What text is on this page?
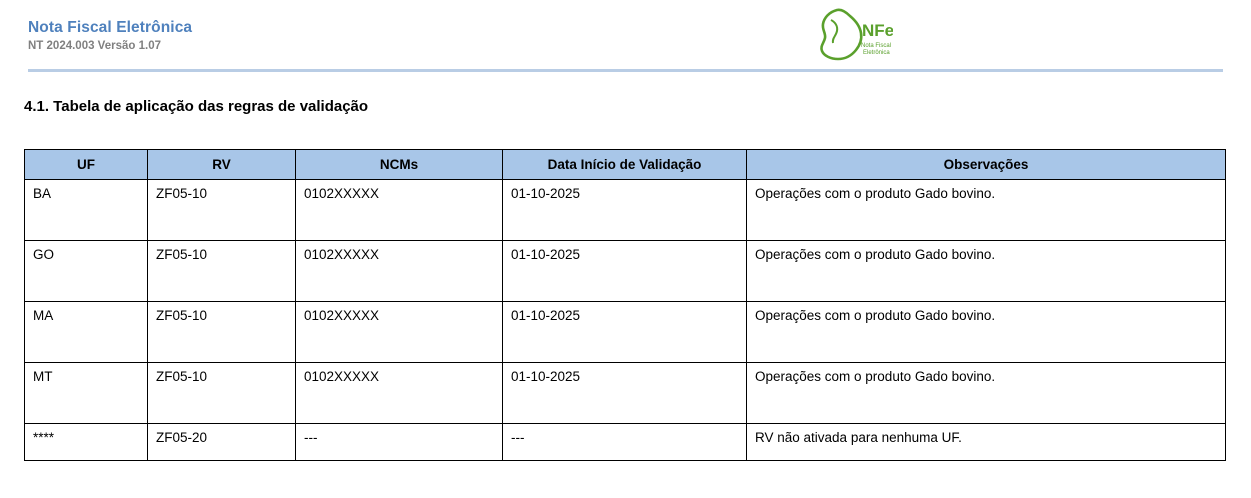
Nota Fiscal Eletrônica
NT 2024.003 Versão 1.07
NFe
Nota Fiscal
Eletrônica
4.1. Tabela de aplicação das regras de validação
UF	RV	NCMs	Data Início de Validação	Observações
BA	ZF05-10	0102XXXXX	01-10-2025	Operações com o produto Gado bovino.
GO	ZF05-10	0102XXXXX	01-10-2025	Operações com o produto Gado bovino.
MA	ZF05-10	0102XXXXX	01-10-2025	Operações com o produto Gado bovino.
MT	ZF05-10	0102XXXXX	01-10-2025	Operações com o produto Gado bovino.
****	ZF05-20	---	---	RV não ativada para nenhuma UF.
